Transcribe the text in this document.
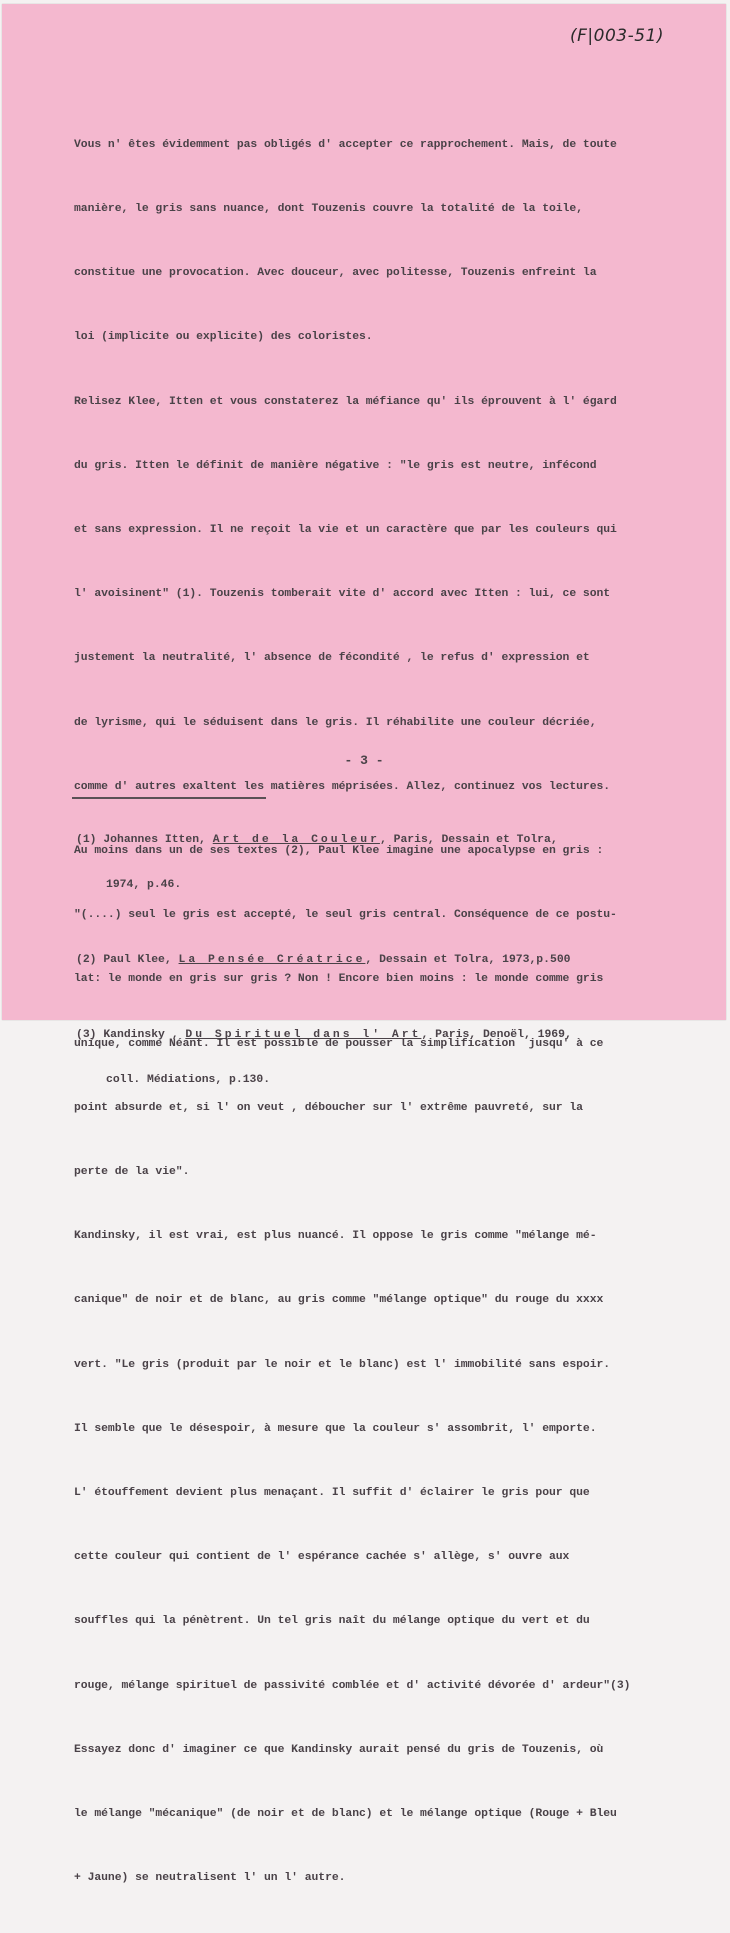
(F|003-51)

Vous n' êtes évidemment pas obligés d' accepter ce rapprochement. Mais, de toute

manière, le gris sans nuance, dont Touzenis couvre la totalité de la toile,

constitue une provocation. Avec douceur, avec politesse, Touzenis enfreint la

loi (implicite ou explicite) des coloristes.

Relisez Klee, Itten et vous constaterez la méfiance qu' ils éprouvent à l' égard

du gris. Itten le définit de manière négative : "le gris est neutre, infécond

et sans expression. Il ne reçoit la vie et un caractère que par les couleurs qui

l' avoisinent" (1). Touzenis tomberait vite d' accord avec Itten : lui, ce sont

justement la neutralité, l' absence de fécondité , le refus d' expression et

de lyrisme, qui le séduisent dans le gris. Il réhabilite une couleur décriée,

comme d' autres exaltent les matières méprisées. Allez, continuez vos lectures.

Au moins dans un de ses textes (2), Paul Klee imagine une apocalypse en gris :

"(....) seul le gris est accepté, le seul gris central. Conséquence de ce postu-

lat: le monde en gris sur gris ? Non ! Encore bien moins : le monde comme gris

unique, comme Néant. Il est possible de pousser la simplification  jusqu' à ce

point absurde et, si l' on veut , déboucher sur l' extrême pauvreté, sur la

perte de la vie".

Kandinsky, il est vrai, est plus nuancé. Il oppose le gris comme "mélange mé-

canique" de noir et de blanc, au gris comme "mélange optique" du rouge du xxxx

vert. "Le gris (produit par le noir et le blanc) est l' immobilité sans espoir.

Il semble que le désespoir, à mesure que la couleur s' assombrit, l' emporte.

L' étouffement devient plus menaçant. Il suffit d' éclairer le gris pour que

cette couleur qui contient de l' espérance cachée s' allège, s' ouvre aux

souffles qui la pénètrent. Un tel gris naît du mélange optique du vert et du

rouge, mélange spirituel de passivité comblée et d' activité dévorée d' ardeur"(3)

Essayez donc d' imaginer ce que Kandinsky aurait pensé du gris de Touzenis, où

le mélange "mécanique" (de noir et de blanc) et le mélange optique (Rouge + Bleu

+ Jaune) se neutralisent l' un l' autre.

- 3 -

(1) Johannes Itten, Art de la Couleur, Paris, Dessain et Tolra,

1974, p.46.

(2) Paul Klee, La Pensée Créatrice, Dessain et Tolra, 1973,p.500

(3) Kandinsky , Du Spirituel dans l' Art, Paris, Denoël, 1969,

coll. Médiations, p.130.
